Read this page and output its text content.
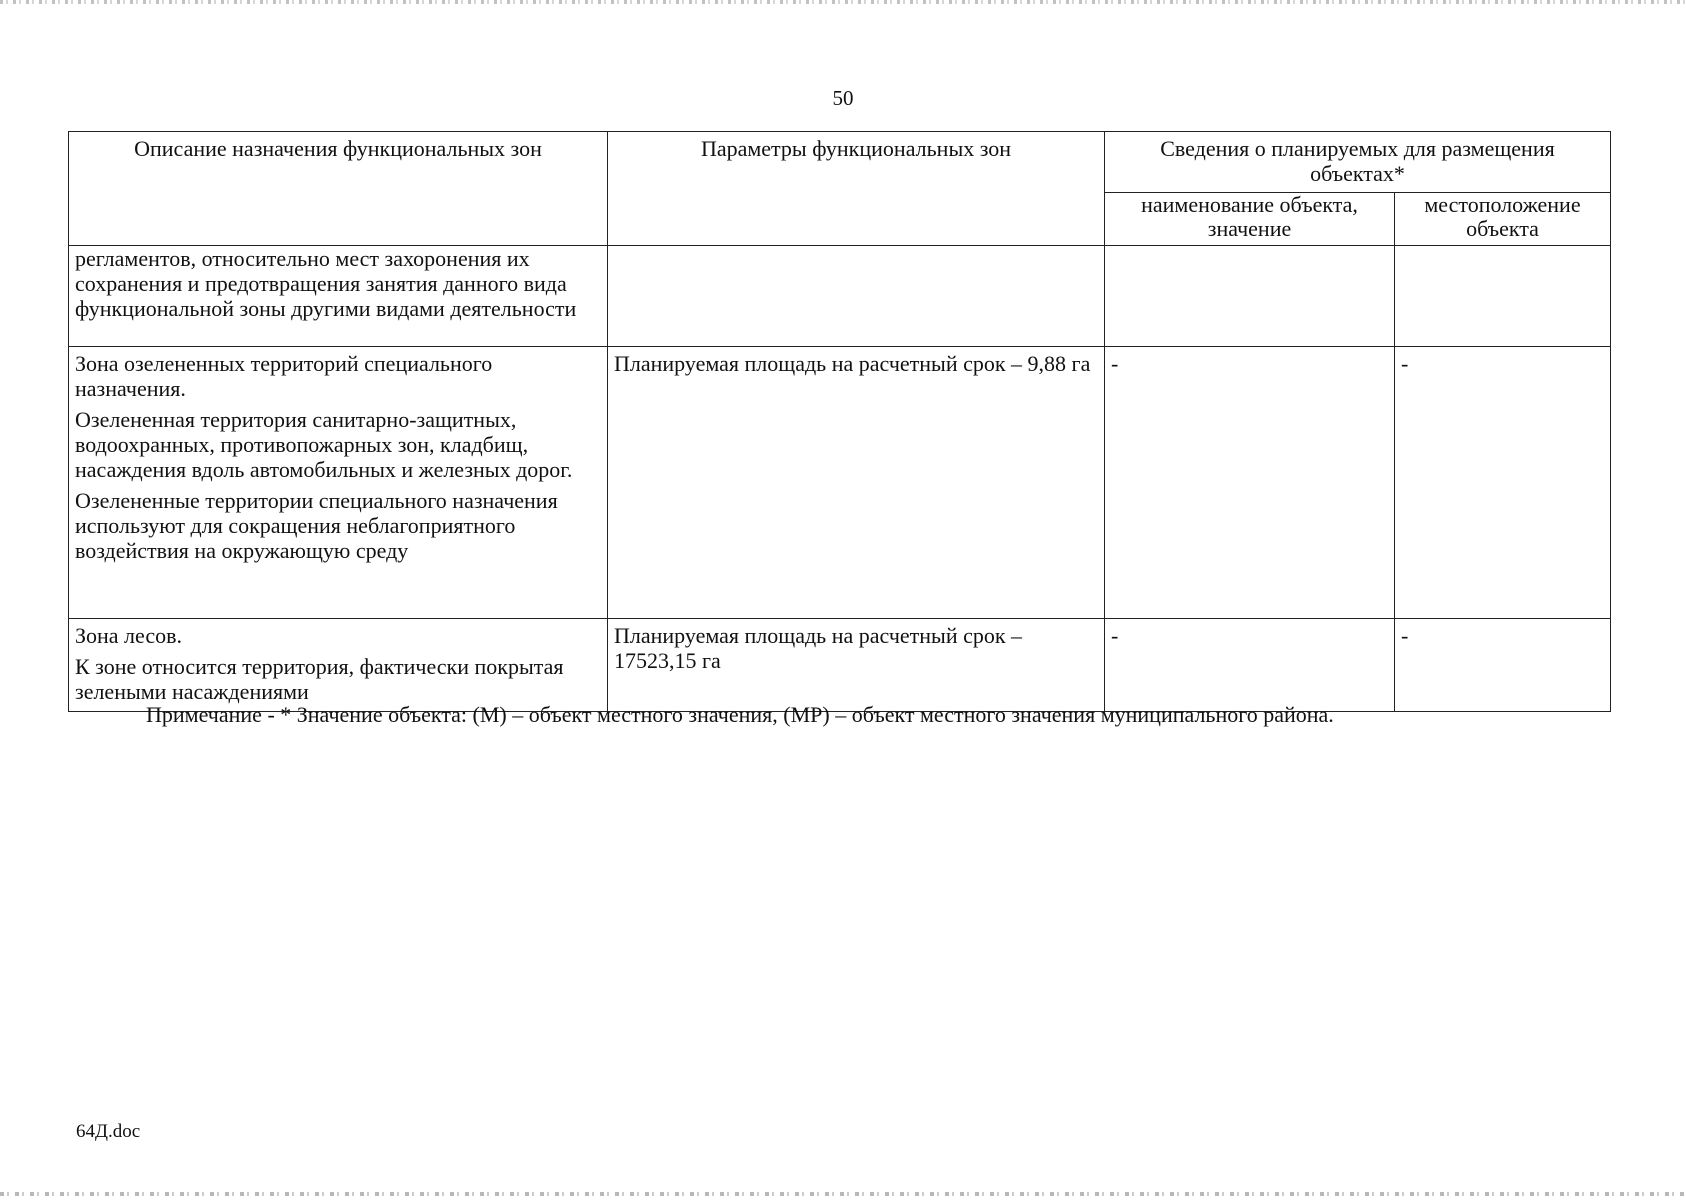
50
Описание назначения функциональных зон	Параметры функциональных зон	Сведения о планируемых для размещения объектах*	
		наименование объекта, значение	местоположение объекта

регламентов, относительно мест захоронения их сохранения и предотвращения занятия данного вида функциональной зоны другими видами деятельности			

Зона озелененных территорий специального назначения.

Озелененная территория санитарно-защитных, водоохранных, противопожарных зон, кладбищ, насаждения вдоль автомобильных и железных дорог.

Озелененные территории специального назначения используют для сокращения неблагоприятного воздействия на окружающую среду	Планируемая площадь на расчетный срок – 9,88 га	-	-

Зона лесов.

К зоне относится территория, фактически покрытая зелеными насаждениями	Планируемая площадь на расчетный срок – 17523,15 га	-	-
Примечание - * Значение объекта: (М) – объект местного значения, (МР) – объект местного значения муниципального района.
64Д.doc
